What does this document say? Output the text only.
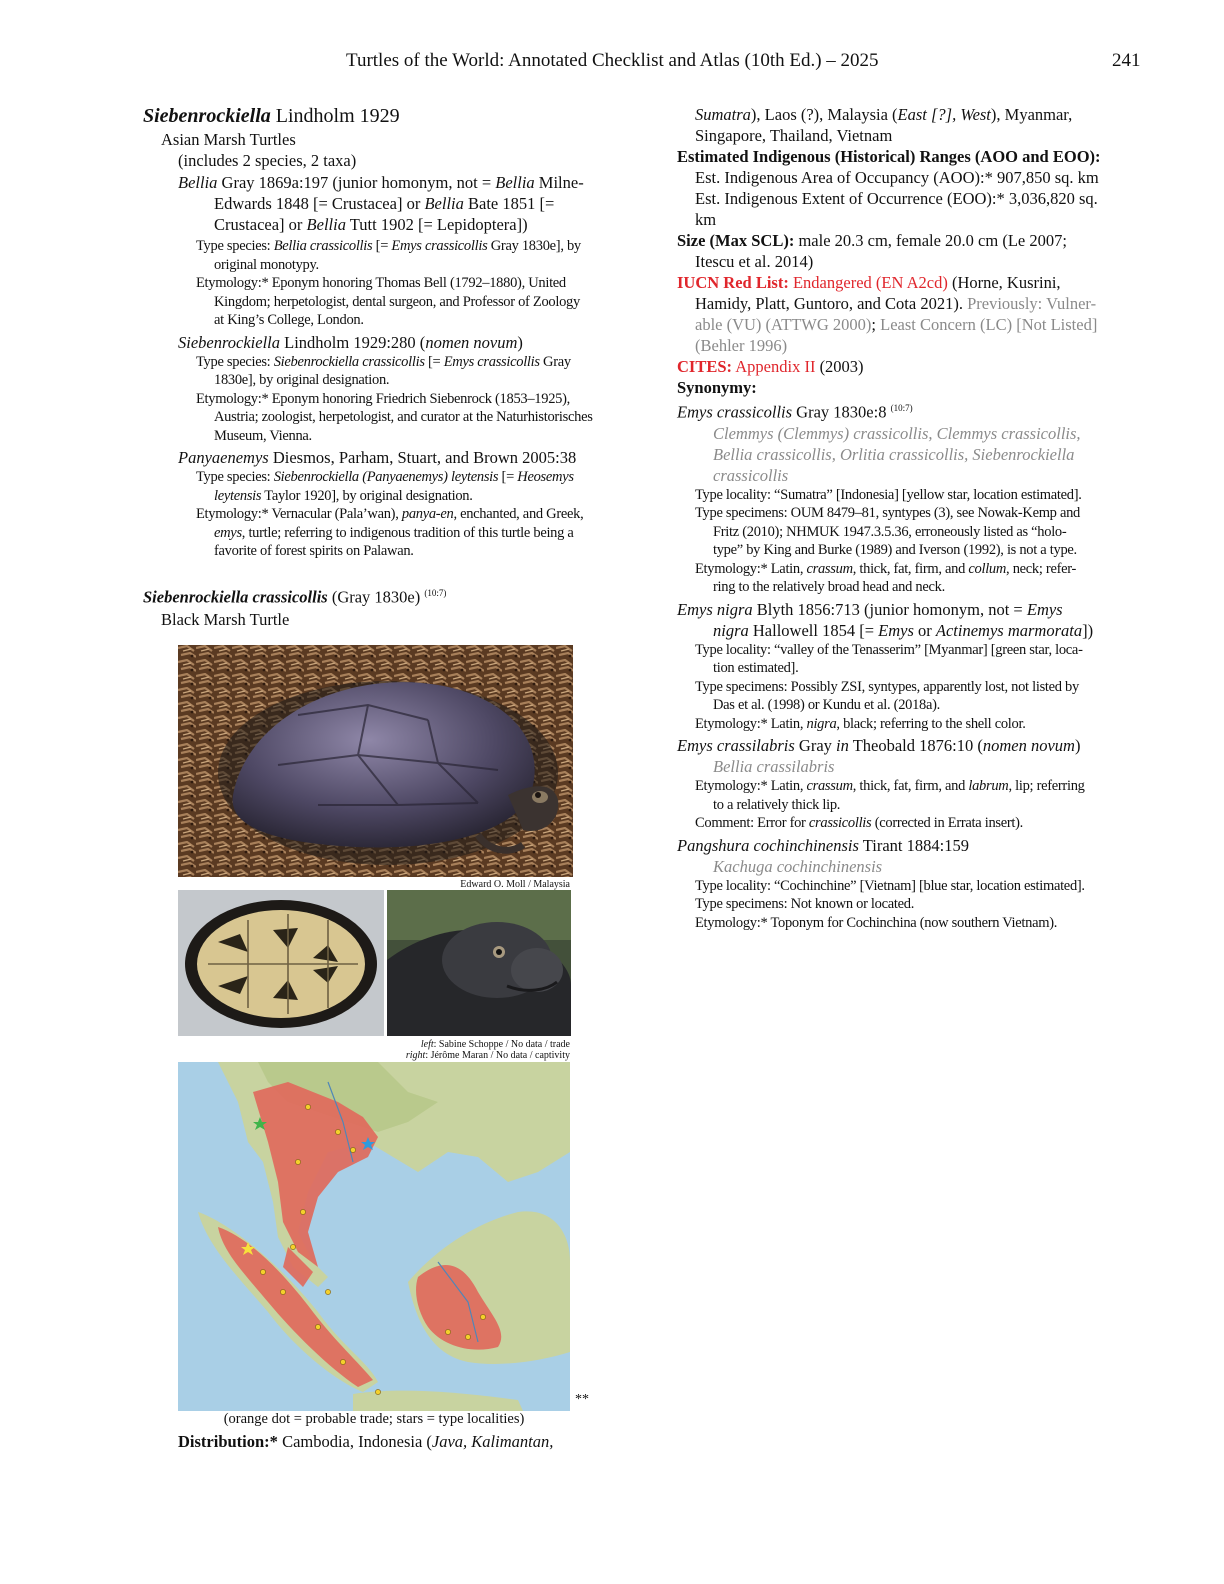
Turtles of the World: Annotated Checklist and Atlas (10th Ed.) – 2025	241
Siebenrockiella Lindholm 1929
Asian Marsh Turtles
(includes 2 species, 2 taxa)
Bellia Gray 1869a:197 (junior homonym, not = Bellia Milne-
Edwards 1848 [= Crustacea] or Bellia Bate 1851 [=
Crustacea] or Bellia Tutt 1902 [= Lepidoptera])
Type species: Bellia crassicollis [= Emys crassicollis Gray 1830e], by
original monotypy.
Etymology:* Eponym honoring Thomas Bell (1792–1880), United
Kingdom; herpetologist, dental surgeon, and Professor of Zoology
at King’s College, London.
Siebenrockiella Lindholm 1929:280 (nomen novum)
Type species: Siebenrockiella crassicollis [= Emys crassicollis Gray
1830e], by original designation.
Etymology:* Eponym honoring Friedrich Siebenrock (1853–1925),
Austria; zoologist, herpetologist, and curator at the Naturhistorisches
Museum, Vienna.
Panyaenemys Diesmos, Parham, Stuart, and Brown 2005:38
Type species: Siebenrockiella (Panyaenemys) leytensis [= Heosemys
leytensis Taylor 1920], by original designation.
Etymology:* Vernacular (Pala’wan), panya-en, enchanted, and Greek,
emys, turtle; referring to indigenous tradition of this turtle being a
favorite of forest spirits on Palawan.
Siebenrockiella crassicollis (Gray 1830e) $^{(10:7)}$
Black Marsh Turtle
Edward O. Moll / Malaysia
left: Sabine Schoppe / No data / trade
right: Jérôme Maran / No data / captivity
**
(orange dot = probable trade; stars = type localities)
Distribution:* Cambodia, Indonesia (Java, Kalimantan,
Sumatra), Laos (?), Malaysia (East [?], West), Myanmar,
Singapore, Thailand, Vietnam
Estimated Indigenous (Historical) Ranges (AOO and EOO):
Est. Indigenous Area of Occupancy (AOO):* 907,850 sq. km
Est. Indigenous Extent of Occurrence (EOO):* 3,036,820 sq. km
Size (Max SCL): male 20.3 cm, female 20.0 cm (Le 2007;
Itescu et al. 2014)
IUCN Red List: Endangered (EN A2cd) (Horne, Kusrini,
Hamidy, Platt, Guntoro, and Cota 2021). Previously: Vulner-
able (VU) (ATTWG 2000); Least Concern (LC) [Not Listed]
(Behler 1996)
CITES: Appendix II (2003)
Synonymy:
Emys crassicollis Gray 1830e:8 $^{(10:7)}$
Clemmys (Clemmys) crassicollis, Clemmys crassicollis,
Bellia crassicollis, Orlitia crassicollis, Siebenrockiella
crassicollis
Type locality: “Sumatra” [Indonesia] [yellow star, location estimated].
Type specimens: OUM 8479–81, syntypes (3), see Nowak-Kemp and
Fritz (2010); NHMUK 1947.3.5.36, erroneously listed as “holo-
type” by King and Burke (1989) and Iverson (1992), is not a type.
Etymology:* Latin, crassum, thick, fat, firm, and collum, neck; refer-
ring to the relatively broad head and neck.
Emys nigra Blyth 1856:713 (junior homonym, not = Emys
nigra Hallowell 1854 [= Emys or Actinemys marmorata])
Type locality: “valley of the Tenasserim” [Myanmar] [green star, loca-
tion estimated].
Type specimens: Possibly ZSI, syntypes, apparently lost, not listed by
Das et al. (1998) or Kundu et al. (2018a).
Etymology:* Latin, nigra, black; referring to the shell color.
Emys crassilabris Gray in Theobald 1876:10 (nomen novum)
Bellia crassilabris
Etymology:* Latin, crassum, thick, fat, firm, and labrum, lip; referring
to a relatively thick lip.
Comment: Error for crassicollis (corrected in Errata insert).
Pangshura cochinchinensis Tirant 1884:159
Kachuga cochinchinensis
Type locality: “Cochinchine” [Vietnam] [blue star, location estimated].
Type specimens: Not known or located.
Etymology:* Toponym for Cochinchina (now southern Vietnam).
